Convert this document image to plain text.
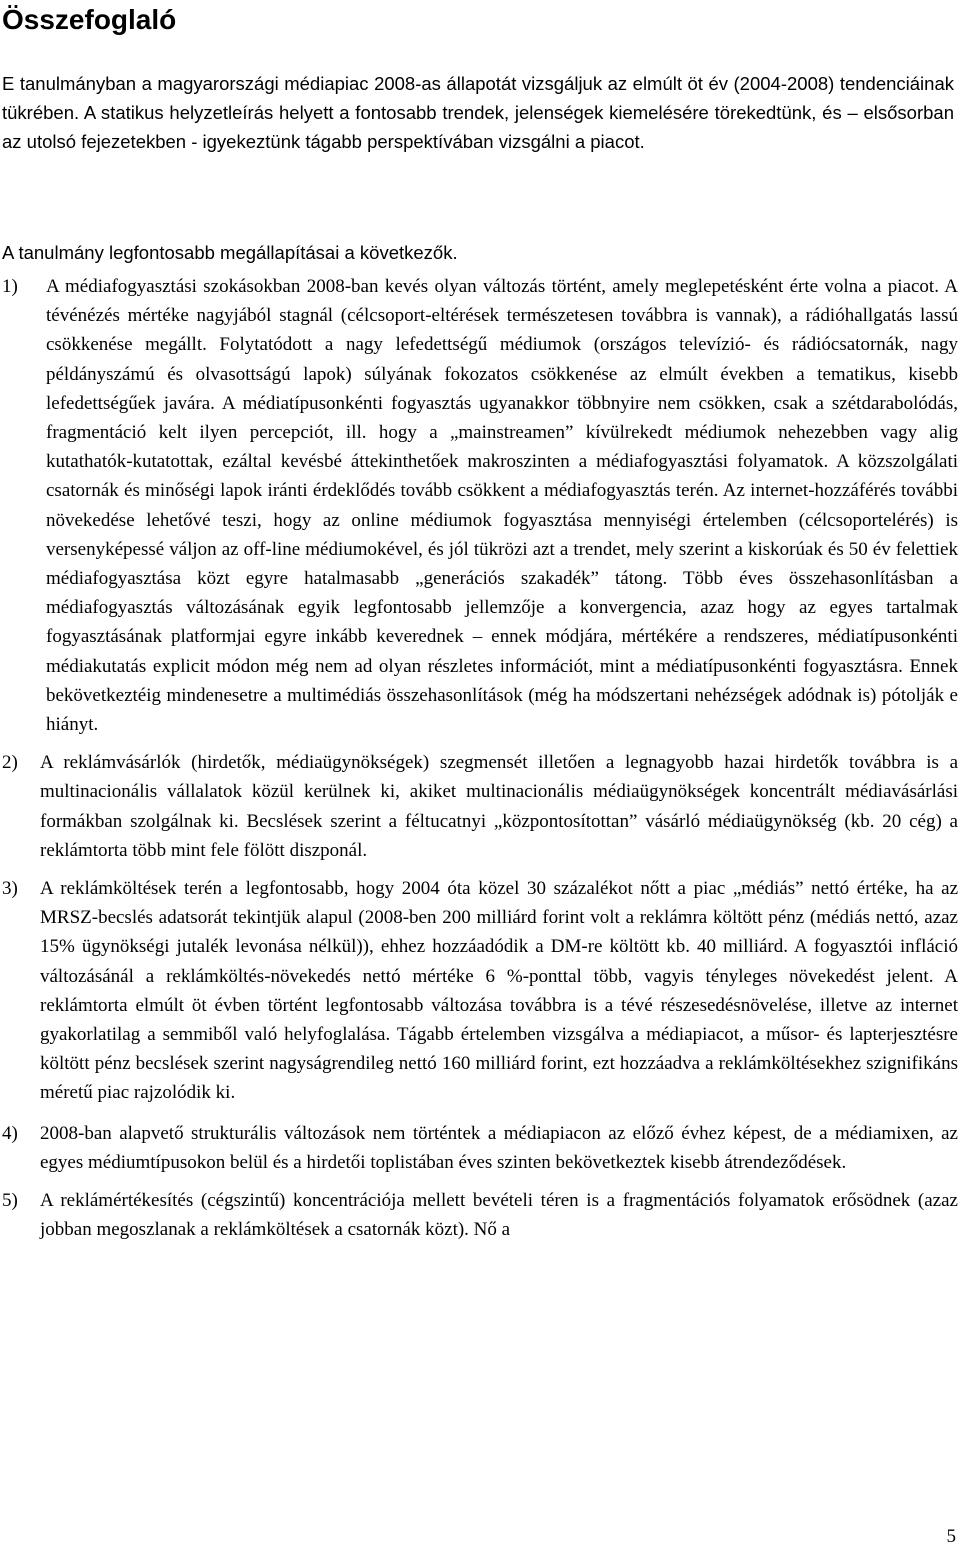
Összefoglaló

E tanulmányban a magyarországi médiapiac 2008-as állapotát vizsgáljuk az elmúlt öt év (2004-2008) tendenciáinak tükrében. A statikus helyzetleírás helyett a fontosabb trendek, jelenségek kiemelésére törekedtünk, és – elsősorban az utolsó fejezetekben - igyekeztünk tágabb perspektívában vizsgálni a piacot.

A tanulmány legfontosabb megállapításai a következők.

1)	A médiafogyasztási szokásokban 2008-ban kevés olyan változás történt, amely meglepetésként érte volna a piacot. A tévénézés mértéke nagyjából stagnál (célcsoport-eltérések természetesen továbbra is vannak), a rádióhallgatás lassú csökkenése megállt. Folytatódott a nagy lefedettségű médiumok (országos televízió- és rádiócsatornák, nagy példányszámú és olvasottságú lapok) súlyának fokozatos csökkenése az elmúlt években a tematikus, kisebb lefedettségűek javára. A médiatípusonkénti fogyasztás ugyanakkor többnyire nem csökken, csak a szétdarabolódás, fragmentáció kelt ilyen percepciót, ill. hogy a „mainstreamen” kívülrekedt médiumok nehezebben vagy alig kutathatók-kutatottak, ezáltal kevésbé áttekinthetőek makroszinten a médiafogyasztási folyamatok. A közszolgálati csatornák és minőségi lapok iránti érdeklődés tovább csökkent a médiafogyasztás terén. Az internet-hozzáférés további növekedése lehetővé teszi, hogy az online médiumok fogyasztása mennyiségi értelemben (célcsoportelérés) is versenyképessé váljon az off-line médiumokével, és jól tükrözi azt a trendet, mely szerint a kiskorúak és 50 év felettiek médiafogyasztása közt egyre hatalmasabb „generációs szakadék” tátong. Több éves összehasonlításban a médiafogyasztás változásának egyik legfontosabb jellemzője a konvergencia, azaz hogy az egyes tartalmak fogyasztásának platformjai egyre inkább keverednek – ennek módjára, mértékére a rendszeres, médiatípusonkénti médiakutatás explicit módon még nem ad olyan részletes információt, mint a médiatípusonkénti fogyasztásra. Ennek bekövetkeztéig mindenesetre a multimédiás összehasonlítások (még ha módszertani nehézségek adódnak is) pótolják e hiányt.
2)	A reklámvásárlók (hirdetők, médiaügynökségek) szegmensét illetően a legnagyobb hazai hirdetők továbbra is a multinacionális vállalatok közül kerülnek ki, akiket multinacionális médiaügynökségek koncentrált médiavásárlási formákban szolgálnak ki. Becslések szerint a féltucatnyi „központosítottan” vásárló médiaügynökség (kb. 20 cég) a reklámtorta több mint fele fölött diszponál.
3)	A reklámköltések terén a legfontosabb, hogy 2004 óta közel 30 százalékot nőtt a piac „médiás” nettó értéke, ha az MRSZ-becslés adatsorát tekintjük alapul (2008-ben 200 milliárd forint volt a reklámra költött pénz (médiás nettó, azaz 15% ügynökségi jutalék levonása nélkül)), ehhez hozzáadódik a DM-re költött kb. 40 milliárd. A fogyasztói infláció változásánál a reklámköltés-növekedés nettó mértéke 6 %-ponttal több, vagyis tényleges növekedést jelent. A reklámtorta elmúlt öt évben történt legfontosabb változása továbbra is a tévé részesedésnövelése, illetve az internet gyakorlatilag a semmiből való helyfoglalása. Tágabb értelemben vizsgálva a médiapiacot, a műsor- és lapterjesztésre költött pénz becslések szerint nagyságrendileg nettó 160 milliárd forint, ezt hozzáadva a reklámköltésekhez szignifikáns méretű piac rajzolódik ki.
4)	2008-ban alapvető strukturális változások nem történtek a médiapiacon az előző évhez képest, de a médiamixen, az egyes médiumtípusokon belül és a hirdetői toplistában éves szinten bekövetkeztek kisebb átrendeződések.
5)	A reklámértékesítés (cégszintű) koncentrációja mellett bevételi téren is a fragmentációs folyamatok erősödnek (azaz jobban megoszlanak a reklámköltések a csatornák közt). Nő a
5
